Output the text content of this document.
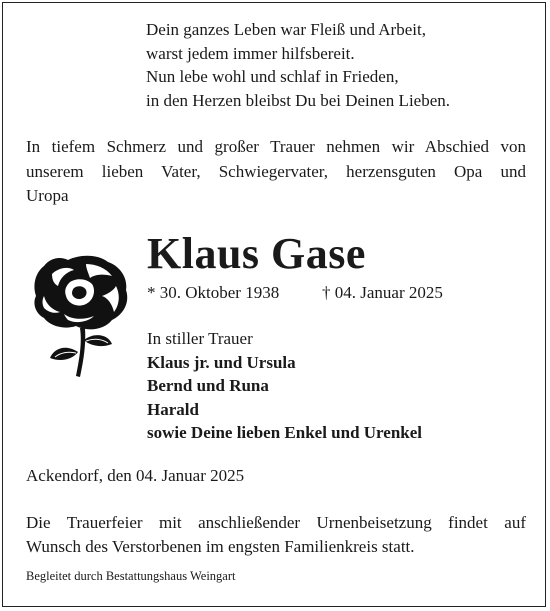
Dein ganzes Leben war Fleiß und Arbeit,
warst jedem immer hilfsbereit.
Nun lebe wohl und schlaf in Frieden,
in den Herzen bleibst Du bei Deinen Lieben.
In tiefem Schmerz und großer Trauer nehmen wir Abschied von
unserem lieben Vater, Schwiegervater, herzensguten Opa und
Uropa
Klaus Gase
* 30. Oktober 1938	† 04. Januar 2025
In stiller Trauer
Klaus jr. und Ursula
Bernd und Runa
Harald
sowie Deine lieben Enkel und Urenkel
Ackendorf, den 04. Januar 2025
Die Trauerfeier mit anschließender Urnenbeisetzung findet auf
Wunsch des Verstorbenen im engsten Familienkreis statt.
Begleitet durch Bestattungshaus Weingart
